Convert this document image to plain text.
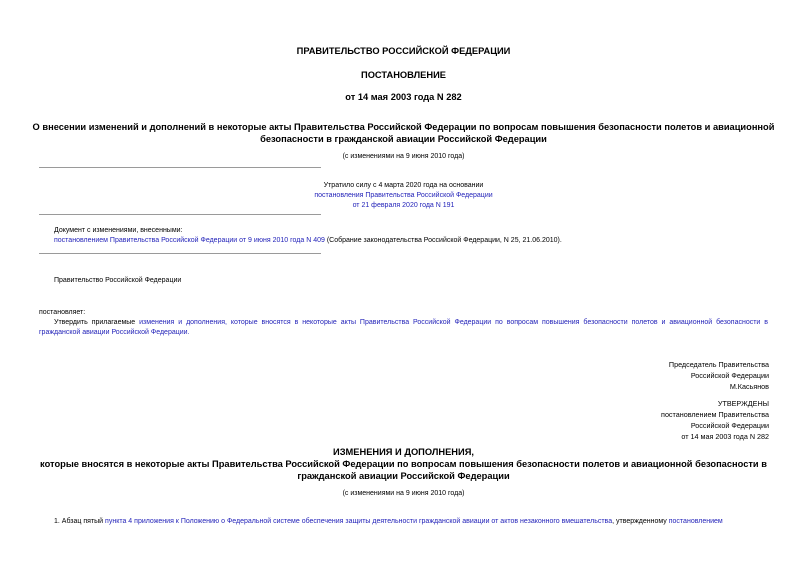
ПРАВИТЕЛЬСТВО РОССИЙСКОЙ ФЕДЕРАЦИИ
ПОСТАНОВЛЕНИЕ
от 14 мая 2003 года N 282
О внесении изменений и дополнений в некоторые акты Правительства Российской Федерации по вопросам повышения безопасности полетов и авиационной
безопасности в гражданской авиации Российской Федерации
(с изменениями на 9 июня 2010 года)
Утратило силу с 4 марта 2020 года на основании
постановления Правительства Российской Федерации
от 21 февраля 2020 года N 191
Документ с изменениями, внесенными:
постановлением Правительства Российской Федерации от 9 июня 2010 года N 409 (Собрание законодательства Российской Федерации, N 25, 21.06.2010).
Правительство Российской Федерации
постановляет:
Утвердить прилагаемые изменения и дополнения, которые вносятся в некоторые акты Правительства Российской Федерации по вопросам повышения безопасности полетов и авиационной безопасности в гражданской авиации Российской Федерации.
Председатель Правительства
Российской Федерации
М.Касьянов
УТВЕРЖДЕНЫ
постановлением Правительства
Российской Федерации
от 14 мая 2003 года N 282
ИЗМЕНЕНИЯ И ДОПОЛНЕНИЯ,
которые вносятся в некоторые акты Правительства Российской Федерации по вопросам повышения безопасности полетов и авиационной безопасности в
гражданской авиации Российской Федерации
(с изменениями на 9 июня 2010 года)
1. Абзац пятый пункта 4 приложения к Положению о Федеральной системе обеспечения защиты деятельности гражданской авиации от актов незаконного вмешательства, утвержденному постановлением
